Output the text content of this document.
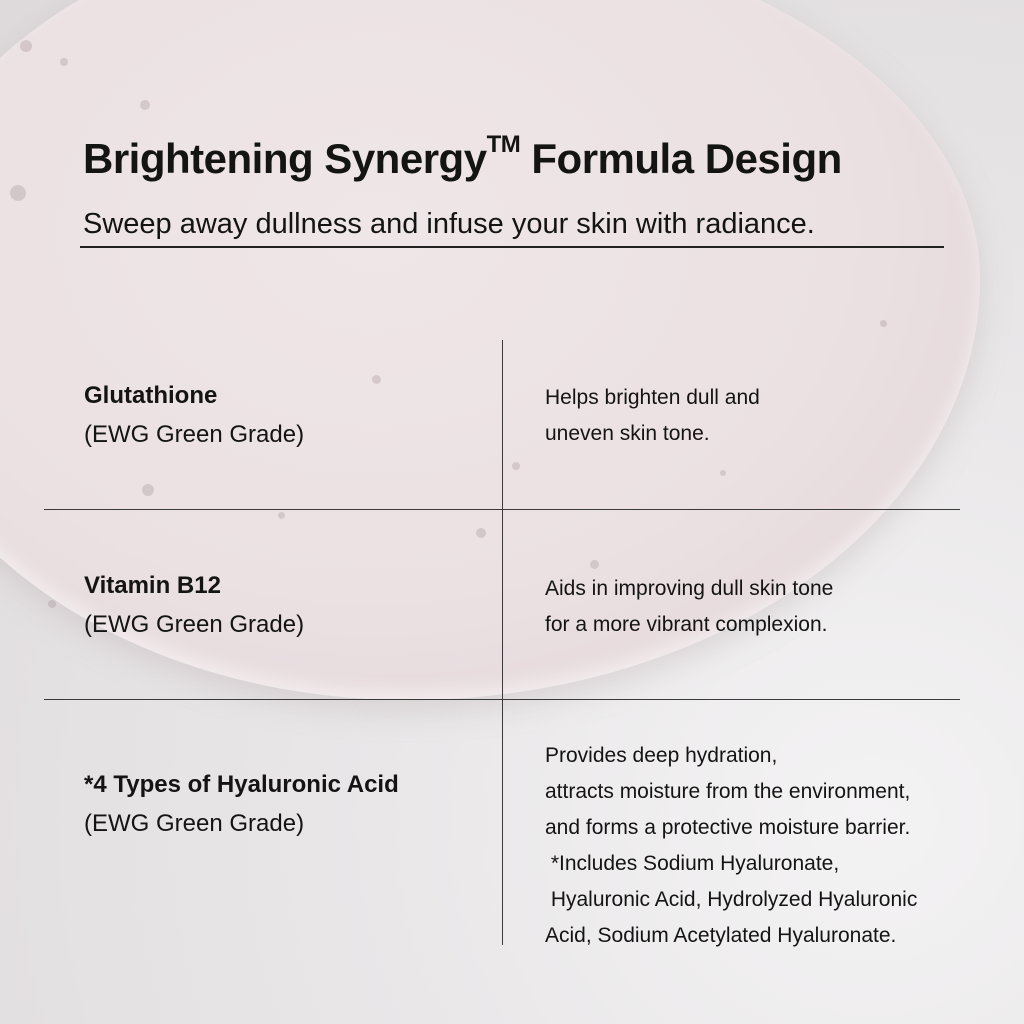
Brightening Synergy™ Formula Design
Sweep away dullness and infuse your skin with radiance.

Glutathione

(EWG Green Grade)

Helps brighten dull and
uneven skin tone.

Vitamin B12

(EWG Green Grade)

Aids in improving dull skin tone
for a more vibrant complexion.

*4 Types of Hyaluronic Acid

(EWG Green Grade)

Provides deep hydration,
attracts moisture from the environment,
and forms a protective moisture barrier.
*Includes Sodium Hyaluronate,
Hyaluronic Acid, Hydrolyzed Hyaluronic
Acid, Sodium Acetylated Hyaluronate.
